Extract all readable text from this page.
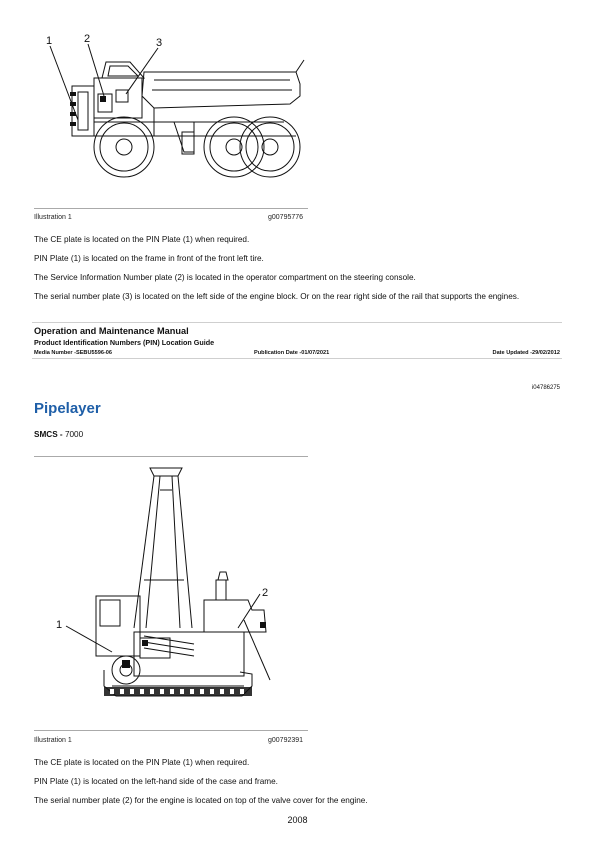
1	2	3
Illustration 1	g00795776
The CE plate is located on the PIN Plate (1) when required.
PIN Plate (1) is located on the frame in front of the front left tire.
The Service Information Number plate (2) is located in the operator compartment on the steering console.
The serial number plate (3) is located on the left side of the engine block. Or on the rear right side of the rail that supports the engines.
Operation and Maintenance Manual
Product Identification Numbers (PIN) Location Guide
Media Number -SEBU5596-06	Publication Date -01/07/2021	Date Updated -29/02/2012
i04786275
Pipelayer
SMCS - 7000
1
2
Illustration 1	g00792391
The CE plate is located on the PIN Plate (1) when required.
PIN Plate (1) is located on the left-hand side of the case and frame.
The serial number plate (2) for the engine is located on top of the valve cover for the engine.
2008
